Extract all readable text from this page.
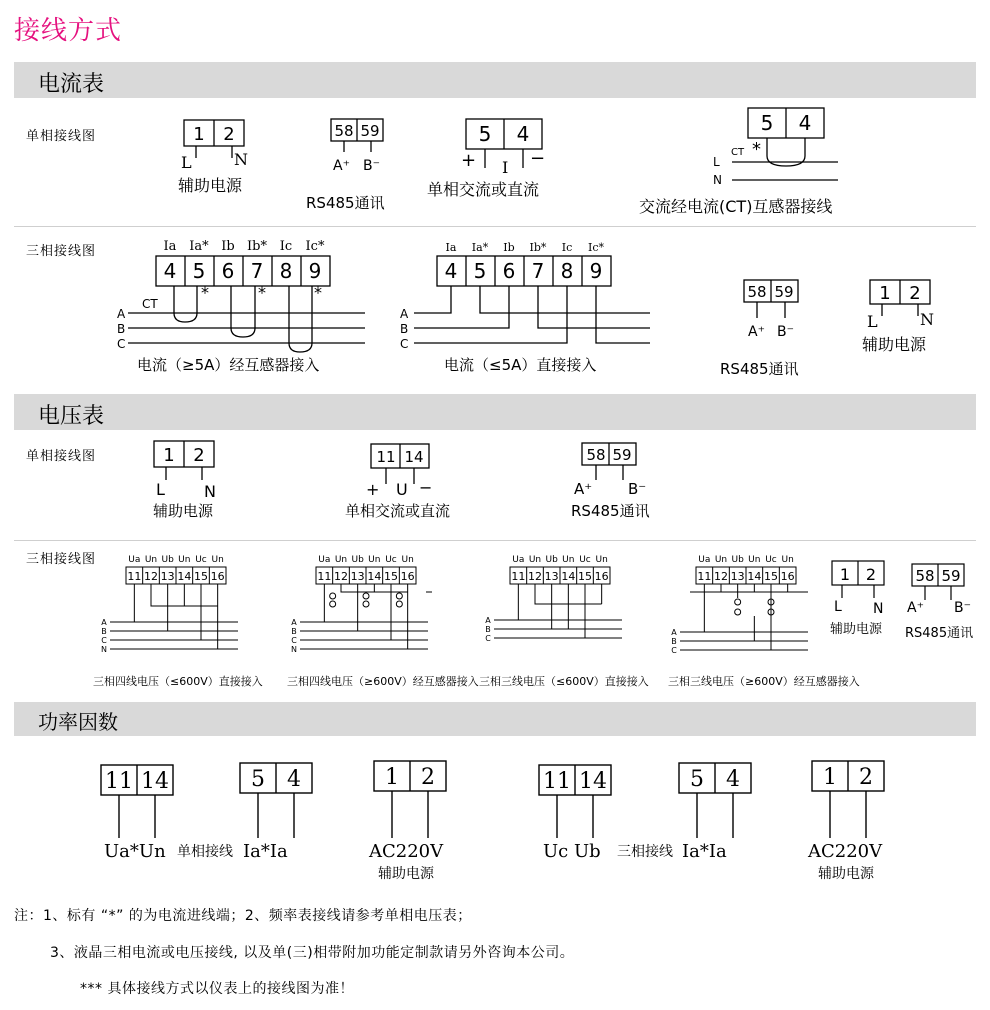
接线方式
电流表
电压表
功率因数
单相接线图
三相接线图
单相接线图
三相接线图	Ua Un Ub Un Uc Un
11 12 13 14 15 16
A
B
C
N
Ua Un Ub Un Uc Un
11 12 13 14 15 16
A
B
C
N
Ua Un Ub Un Uc Un
11 12 13 14 15 16
A
B
C
Ua Un Ub Un Uc Un
11 12 13 14 15 16
A
B
C
1 2	58 59	5 4	5 4
4 5 6 7 8 9	4 5 6 7 8 9
58 59	1 2
1 2	11 14	58 59
1 2	58 59
11 14	5 4	1 2	11 14	5 4	1 2
L	N
L	N
I
A⁺ B⁻	+	−	*
CT
L
N
A
B
C
CT
*	*	*
A
B
C
A⁺ B⁻
L N	+ U −	A⁺ B⁻
L N A⁺ B⁻
Ia Ia* Ib Ib* Ic Ic*	Ia Ia* Ib Ib* Ic Ic*
Ua*Un	Ia*Ia	AC220V	Uc Ub	Ia*Ia	AC220V
辅助电源
RS485通讯
单相交流或直流
交流经电流(CT)互感器接线
电流（≥5A）经互感器接入	电流（≤5A）直接接入	RS485通讯
辅助电源
辅助电源	单相交流或直流	RS485通讯
三相四线电压（≤600V）直接接入 三相四线电压（≥600V）经互感器接入 三相三线电压（≤600V）直接接入 三相三线电压（≥600V）经互感器接入
辅助电源 RS485通讯
单相接线	三相接线
辅助电源	辅助电源
注：1、标有 “*” 的为电流进线端；2、频率表接线请参考单相电压表；
3、液晶三相电流或电压接线, 以及单(三)相带附加功能定制款请另外咨询本公司。
*** 具体接线方式以仪表上的接线图为准！
